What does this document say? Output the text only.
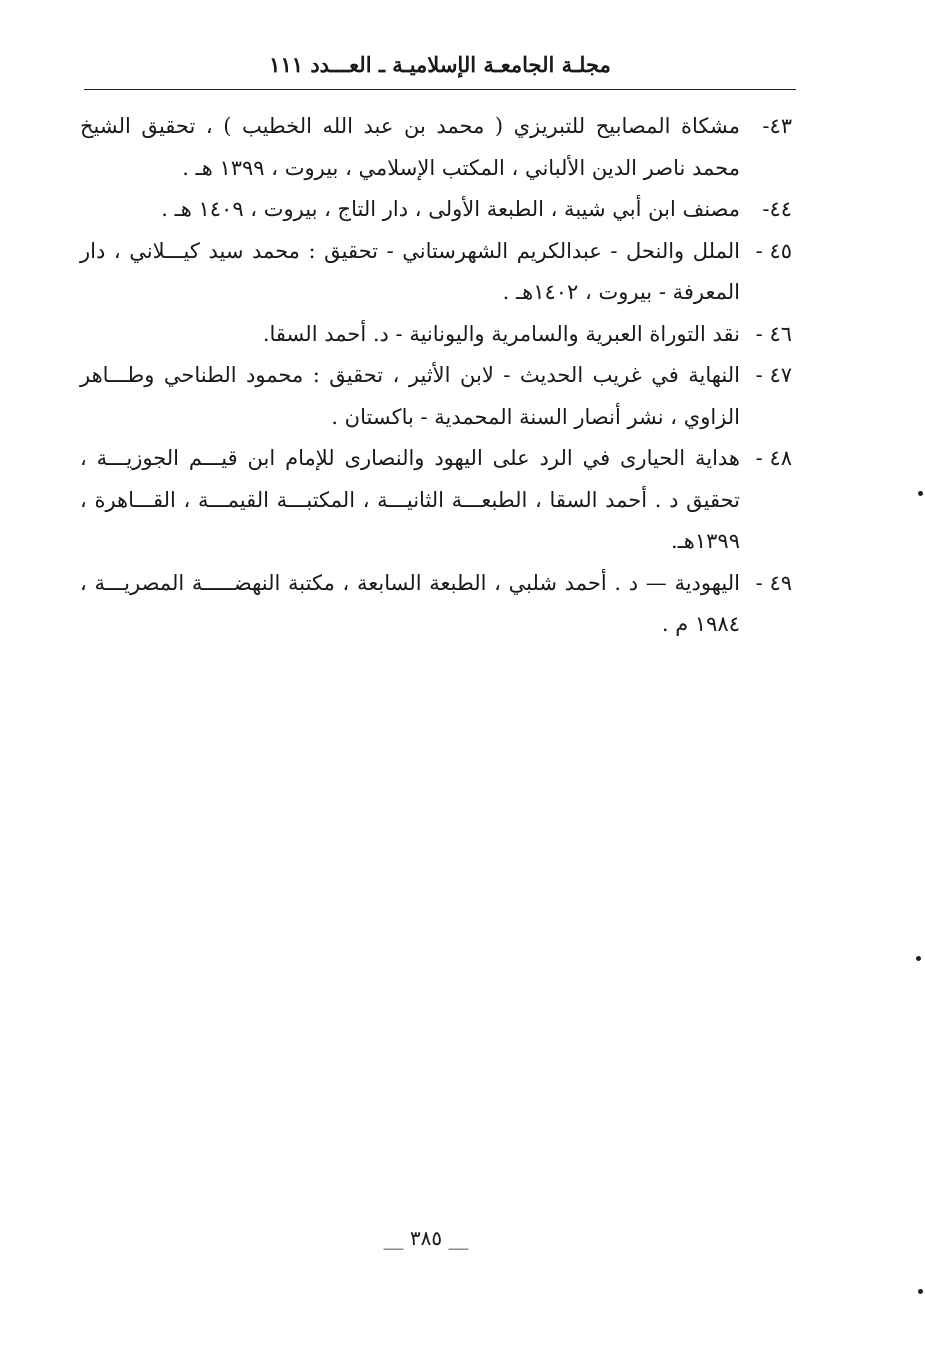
مجلـة الجامعـة الإسلاميـة ـ العـــدد ١١١
٤٣-
مشكاة المصابيح للتبريزي ( محمد بن عبد الله الخطيب ) ، تحقيق الشيخ محمد ناصر الدين الألباني ، المكتب الإسلامي ، بيروت ، ١٣٩٩ هـ .
٤٤-
مصنف ابن أبي شيبة ، الطبعة الأولى ، دار التاج ، بيروت ، ١٤٠٩ هـ .
٤٥ -
الملل والنحل - عبدالكريم الشهرستاني - تحقيق : محمد سيد كيـــلاني ، دار المعرفة - بيروت ، ١٤٠٢هـ .
٤٦ -
نقد التوراة العبرية والسامرية واليونانية - د. أحمد السقا.
٤٧ -
النهاية في غريب الحديث - لابن الأثير ، تحقيق : محمود الطناحي وطـــاهر الزاوي ، نشر أنصار السنة المحمدية - باكستان .
٤٨ -
هداية الحيارى في الرد على اليهود والنصارى للإمام ابن قيـــم الجوزيـــة ، تحقيق د . أحمد السقا ، الطبعـــة الثانيـــة ، المكتبـــة القيمـــة ، القـــاهرة ، ١٣٩٩هـ.
٤٩ -
اليهودية — د . أحمد شلبي ، الطبعة السابعة ، مكتبة النهضـــــة المصريـــة ، ١٩٨٤ م .
__ ٣٨٥ __
